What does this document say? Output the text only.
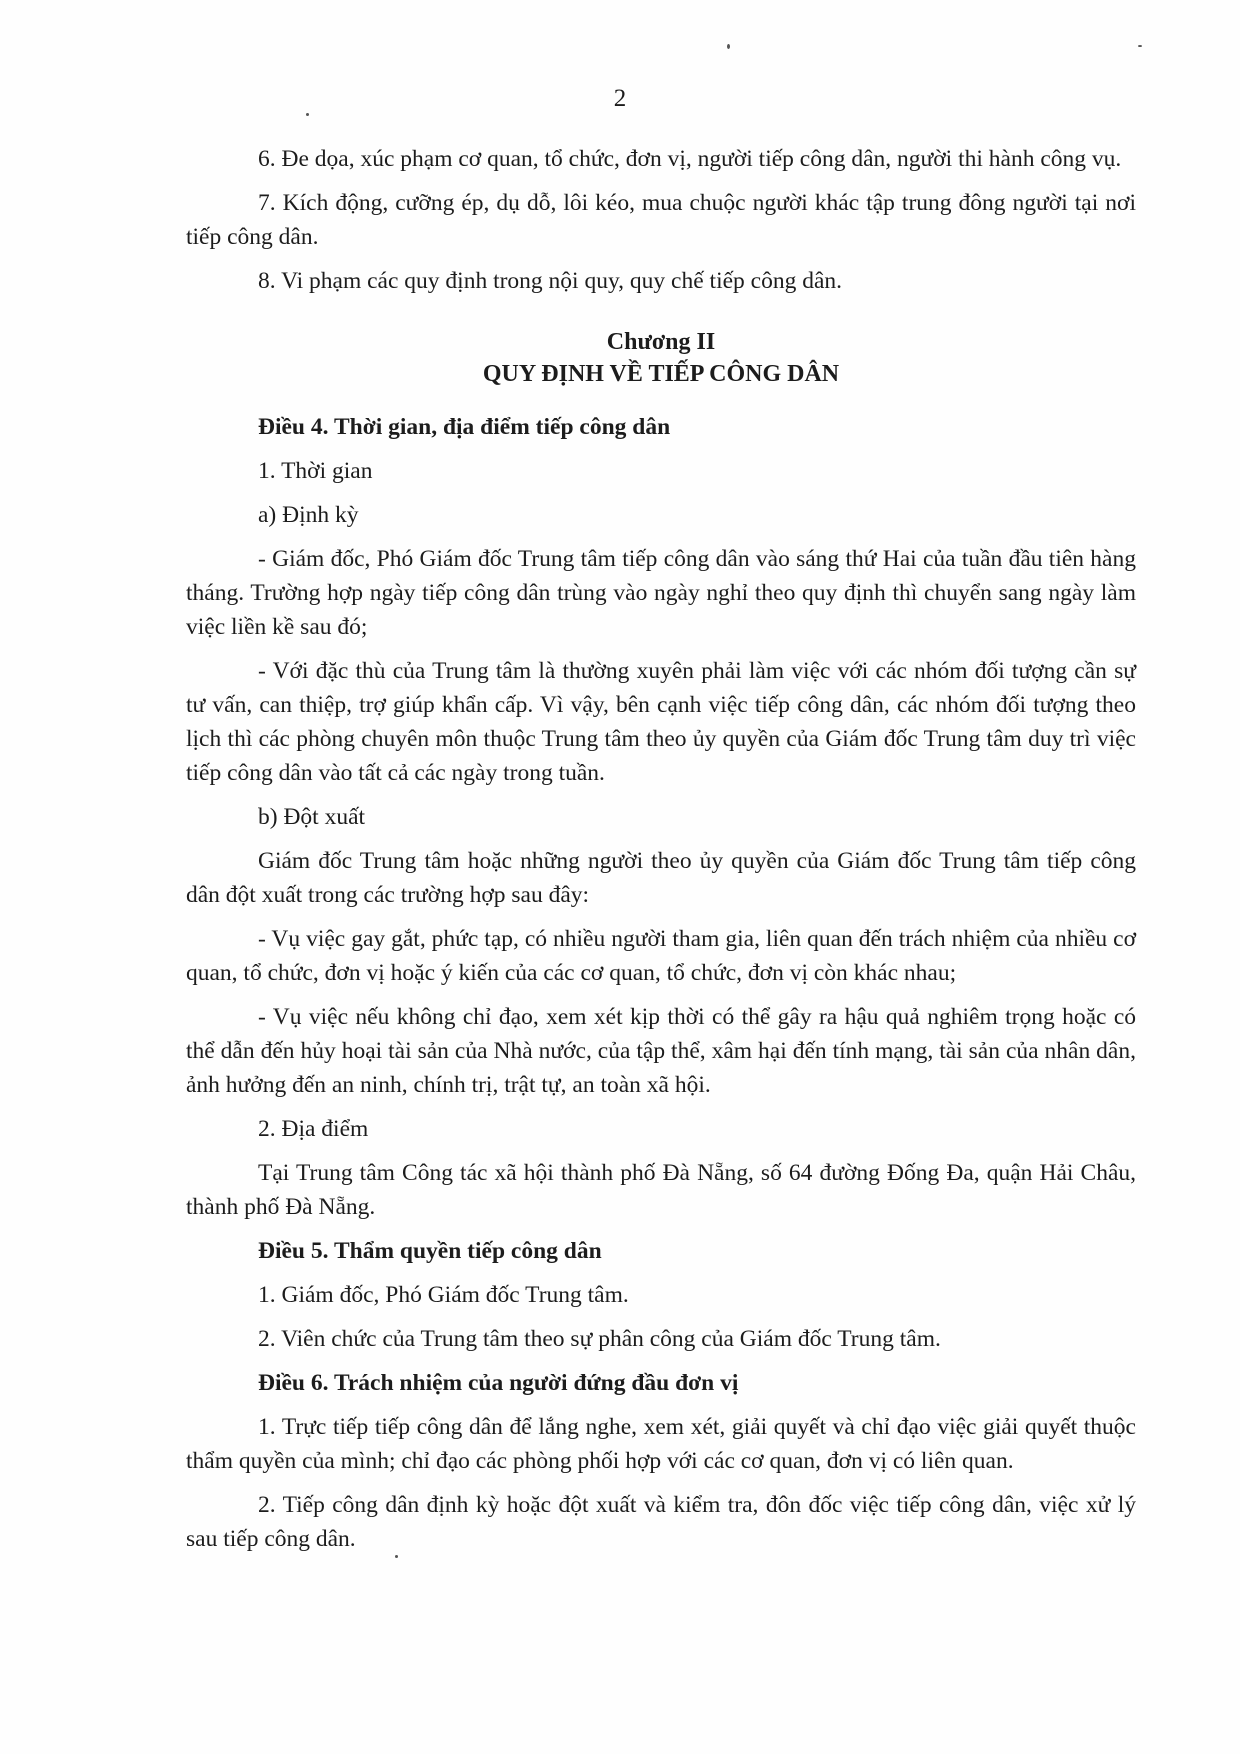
2

6. Đe dọa, xúc phạm cơ quan, tổ chức, đơn vị, người tiếp công dân, người thi hành công vụ.

7. Kích động, cưỡng ép, dụ dỗ, lôi kéo, mua chuộc người khác tập trung đông người tại nơi tiếp công dân.

8. Vi phạm các quy định trong nội quy, quy chế tiếp công dân.

Chương II

QUY ĐỊNH VỀ TIẾP CÔNG DÂN

Điều 4. Thời gian, địa điểm tiếp công dân

1. Thời gian

a) Định kỳ

- Giám đốc, Phó Giám đốc Trung tâm tiếp công dân vào sáng thứ Hai của tuần đầu tiên hàng tháng. Trường hợp ngày tiếp công dân trùng vào ngày nghỉ theo quy định thì chuyển sang ngày làm việc liền kề sau đó;

- Với đặc thù của Trung tâm là thường xuyên phải làm việc với các nhóm đối tượng cần sự tư vấn, can thiệp, trợ giúp khẩn cấp. Vì vậy, bên cạnh việc tiếp công dân, các nhóm đối tượng theo lịch thì các phòng chuyên môn thuộc Trung tâm theo ủy quyền của Giám đốc Trung tâm duy trì việc tiếp công dân vào tất cả các ngày trong tuần.

b) Đột xuất

Giám đốc Trung tâm hoặc những người theo ủy quyền của Giám đốc Trung tâm tiếp công dân đột xuất trong các trường hợp sau đây:

- Vụ việc gay gắt, phức tạp, có nhiều người tham gia, liên quan đến trách nhiệm của nhiều cơ quan, tổ chức, đơn vị hoặc ý kiến của các cơ quan, tổ chức, đơn vị còn khác nhau;

- Vụ việc nếu không chỉ đạo, xem xét kịp thời có thể gây ra hậu quả nghiêm trọng hoặc có thể dẫn đến hủy hoại tài sản của Nhà nước, của tập thể, xâm hại đến tính mạng, tài sản của nhân dân, ảnh hưởng đến an ninh, chính trị, trật tự, an toàn xã hội.

2. Địa điểm

Tại Trung tâm Công tác xã hội thành phố Đà Nẵng, số 64 đường Đống Đa, quận Hải Châu, thành phố Đà Nẵng.

Điều 5. Thẩm quyền tiếp công dân

1. Giám đốc, Phó Giám đốc Trung tâm.

2. Viên chức của Trung tâm theo sự phân công của Giám đốc Trung tâm.

Điều 6. Trách nhiệm của người đứng đầu đơn vị

1. Trực tiếp tiếp công dân để lắng nghe, xem xét, giải quyết và chỉ đạo việc giải quyết thuộc thẩm quyền của mình; chỉ đạo các phòng phối hợp với các cơ quan, đơn vị có liên quan.

2. Tiếp công dân định kỳ hoặc đột xuất và kiểm tra, đôn đốc việc tiếp công dân, việc xử lý sau tiếp công dân.
